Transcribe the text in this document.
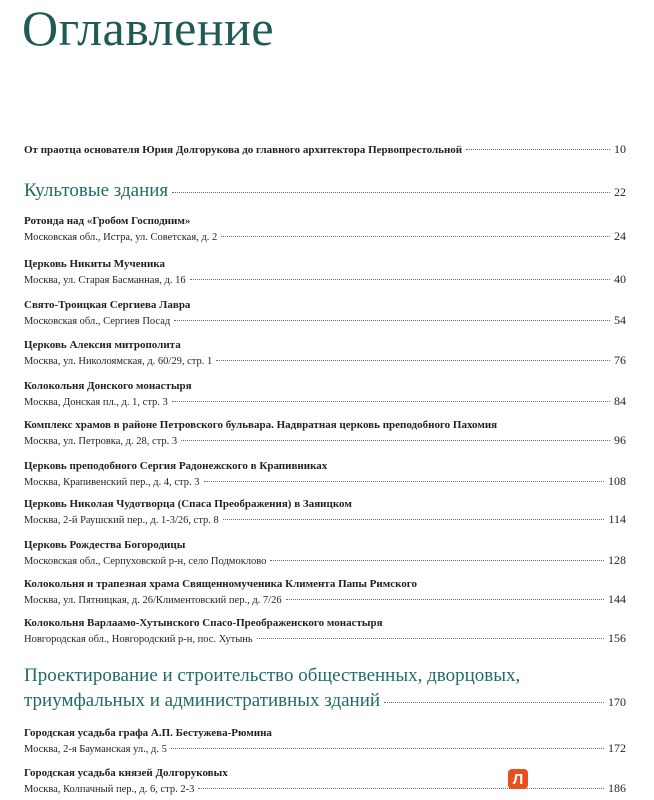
Оглавление
От праотца основателя Юрия Долгорукова до главного архитектора Первопрестольной	10
Культовые здания	22
Ротонда над «Гробом Господним»
Московская обл., Истра, ул. Советская, д. 2	24
Церковь Никиты Мученика
Москва, ул. Старая Басманная, д. 16	40
Свято-Троицкая Сергиева Лавра
Московская обл., Сергиев Посад	54
Церковь Алексия митрополита
Москва, ул. Николоямская, д. 60/29, стр. 1	76
Колокольня Донского монастыря
Москва, Донская пл., д. 1, стр. 3	84
Комплекс храмов в районе Петровского бульвара. Надвратная церковь преподобного Пахомия
Москва, ул. Петровка, д. 28, стр. 3	96
Церковь преподобного Сергия Радонежского в Крапивниках
Москва, Крапивенский пер., д. 4, стр. 3	108
Церковь Николая Чудотворца (Спаса Преображения) в Заяицком
Москва, 2-й Раушский пер., д. 1-3/26, стр. 8	114
Церковь Рождества Богородицы
Московская обл., Серпуховской р-н, село Подмоклово	128
Колокольня и трапезная храма Священномученика Климента Папы Римского
Москва, ул. Пятницкая, д. 26/Климентовский пер., д. 7/26	144
Колокольня Варлаамо-Хутынского Спасо-Преображенского монастыря
Новгородская обл., Новгородский р-н, пос. Хутынь	156
Проектирование и строительство общественных, дворцовых,
триумфальных и административных зданий	170
Городская усадьба графа А.П. Бестужева-Рюмина
Москва, 2-я Бауманская ул., д. 5	172
Городская усадьба князей Долгоруковых
Москва, Колпачный пер., д. 6, стр. 2-3	186
Л
